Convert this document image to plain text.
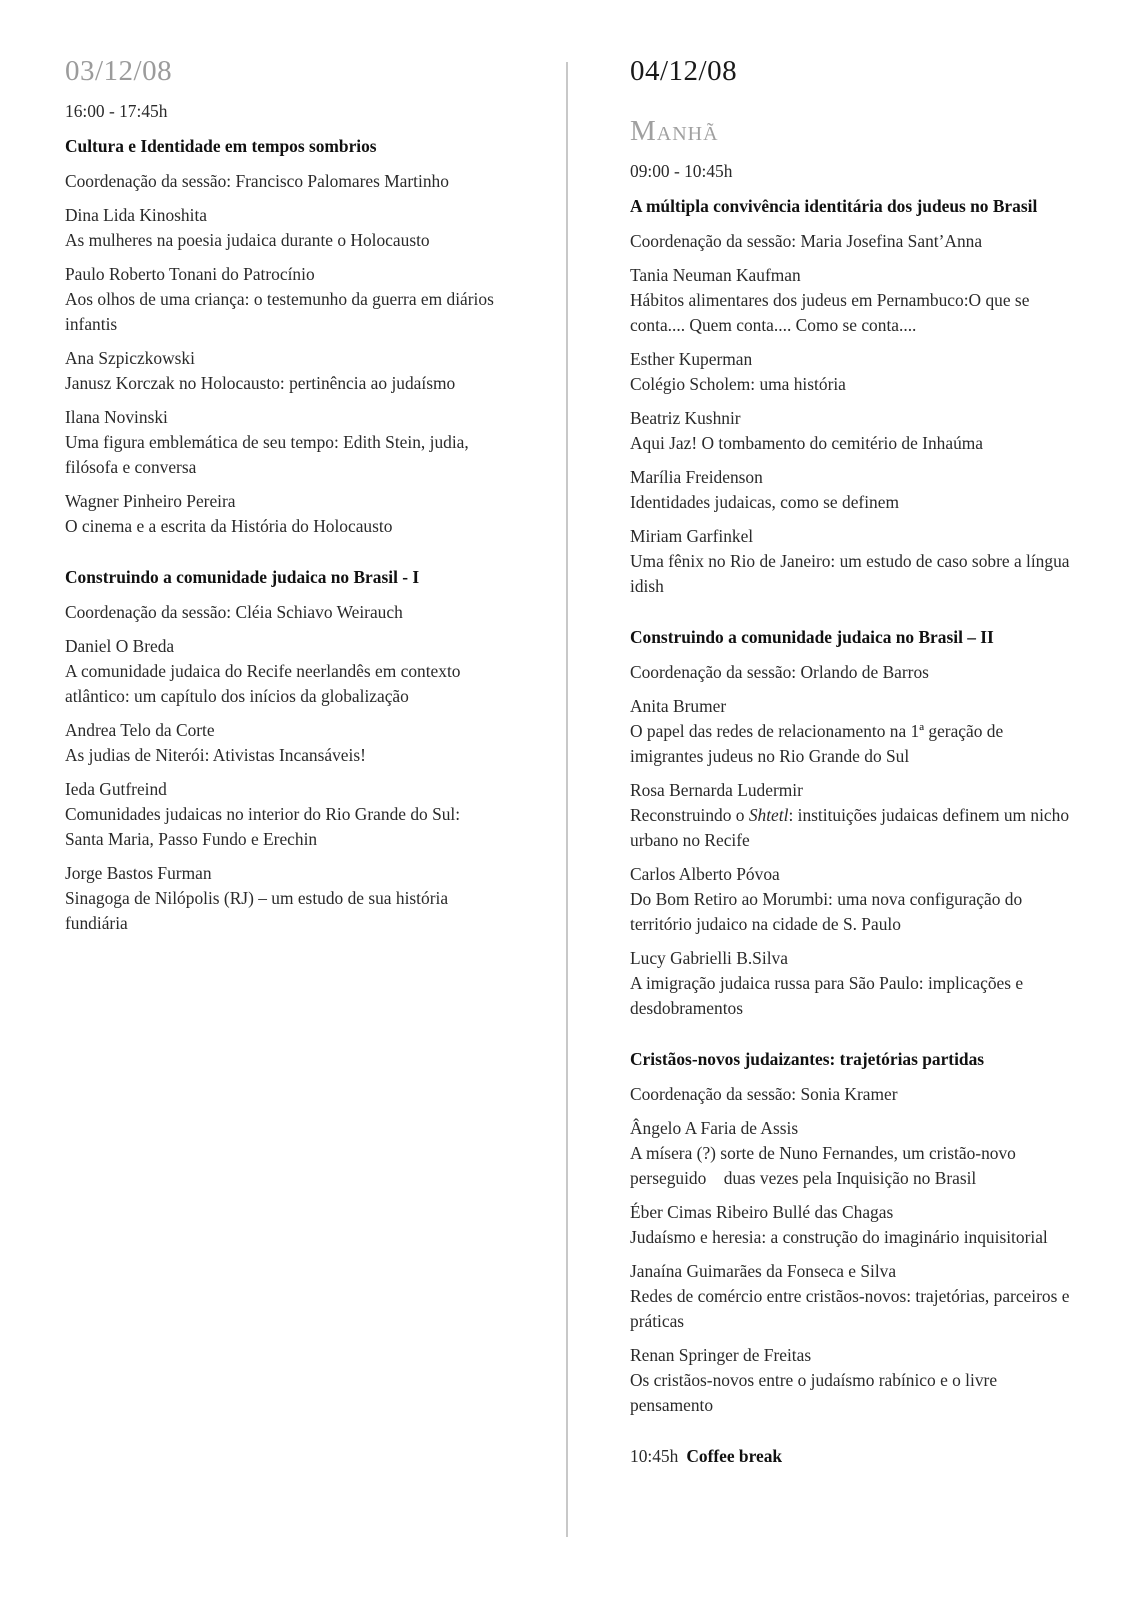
03/12/08

16:00 - 17:45h

Cultura e Identidade em tempos sombrios

Coordenação da sessão: Francisco Palomares Martinho

Dina Lida Kinoshita

As mulheres na poesia judaica durante o Holocausto

Paulo Roberto Tonani do Patrocínio

Aos olhos de uma criança: o testemunho da guerra em diários infantis

Ana Szpiczkowski

Janusz Korczak no Holocausto: pertinência ao judaísmo

Ilana Novinski

Uma figura emblemática de seu tempo: Edith Stein, judia, filósofa e conversa

Wagner Pinheiro Pereira

O cinema e a escrita da História do Holocausto

Construindo a comunidade judaica no Brasil - I

Coordenação da sessão: Cléia Schiavo Weirauch

Daniel O Breda

A comunidade judaica do Recife neerlandês em contexto atlântico: um capítulo dos inícios da globalização

Andrea Telo da Corte

As judias de Niterói: Ativistas Incansáveis!

Ieda Gutfreind

Comunidades judaicas no interior do Rio Grande do Sul: Santa Maria, Passo Fundo e Erechin

Jorge Bastos Furman

Sinagoga de Nilópolis (RJ) – um estudo de sua história fundiária

04/12/08
Manhã

09:00 - 10:45h

A múltipla convivência identitária dos judeus no Brasil

Coordenação da sessão: Maria Josefina Sant’Anna

Tania Neuman Kaufman

Hábitos alimentares dos judeus em Pernambuco:O que se conta.... Quem conta.... Como se conta....

Esther Kuperman

Colégio Scholem: uma história

Beatriz Kushnir

Aqui Jaz! O tombamento do cemitério de Inhaúma

Marília Freidenson

Identidades judaicas, como se definem

Miriam Garfinkel

Uma fênix no Rio de Janeiro: um estudo de caso sobre a língua idish

Construindo a comunidade judaica no Brasil – II

Coordenação da sessão: Orlando de Barros

Anita Brumer

O papel das redes de relacionamento na 1ª geração de imigrantes judeus no Rio Grande do Sul

Rosa Bernarda Ludermir

Reconstruindo o Shtetl: instituições judaicas definem um nicho urbano no Recife

Carlos Alberto Póvoa

Do Bom Retiro ao Morumbi: uma nova configuração do território judaico na cidade de S. Paulo

Lucy Gabrielli B.Silva

A imigração judaica russa para São Paulo: implicações e desdobramentos

Cristãos-novos judaizantes: trajetórias partidas

Coordenação da sessão: Sonia Kramer

Ângelo A Faria de Assis

A mísera (?) sorte de Nuno Fernandes, um cristão-novo perseguido    duas vezes pela Inquisição no Brasil

Éber Cimas Ribeiro Bullé das Chagas

Judaísmo e heresia: a construção do imaginário inquisitorial

Janaína Guimarães da Fonseca e Silva

Redes de comércio entre cristãos-novos: trajetórias, parceiros e práticas

Renan Springer de Freitas

Os cristãos-novos entre o judaísmo rabínico e o livre pensamento

10:45h Coffee break
